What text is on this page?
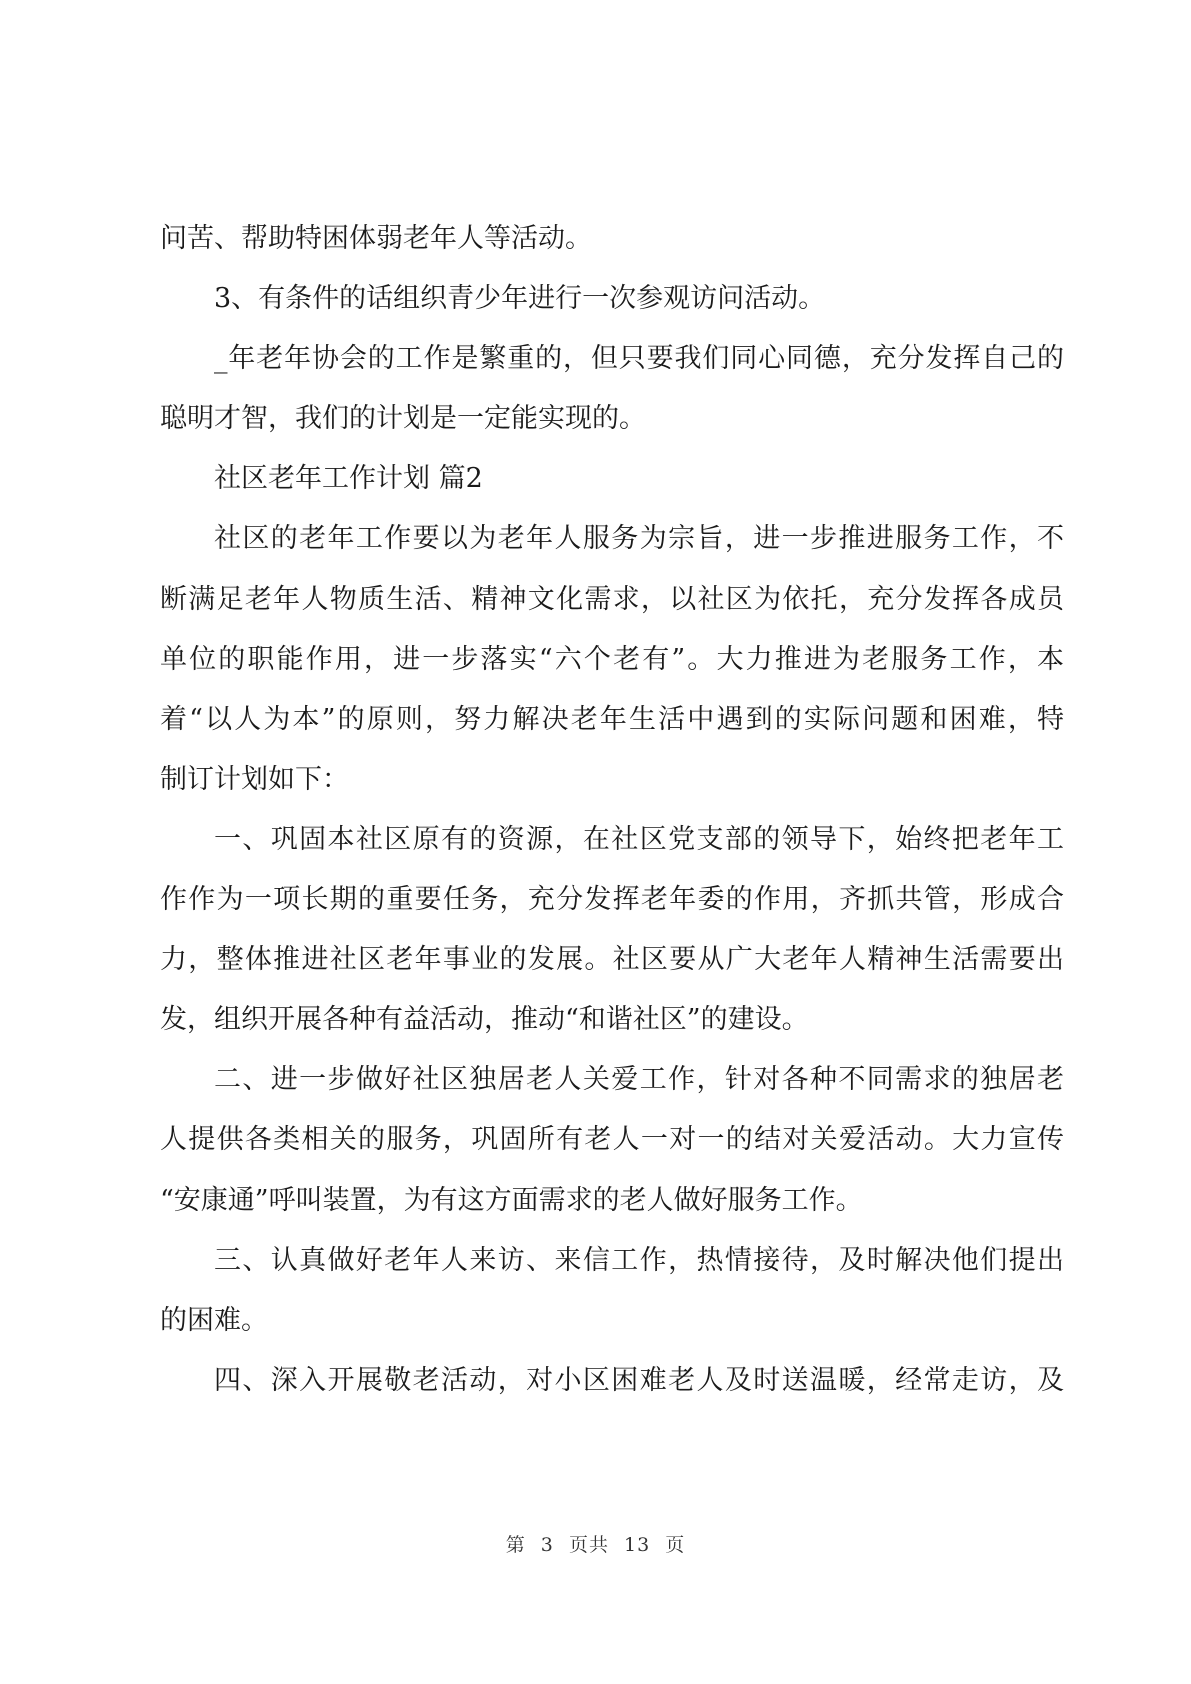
问苦、帮助特困体弱老年人等活动。
3、有条件的话组织青少年进行一次参观访问活动。
_年老年协会的工作是繁重的，但只要我们同心同德，充分发挥自己的
聪明才智，我们的计划是一定能实现的。
社区老年工作计划 篇2
社区的老年工作要以为老年人服务为宗旨，进一步推进服务工作，不
断满足老年人物质生活、精神文化需求，以社区为依托，充分发挥各成员
单位的职能作用，进一步落实“六个老有”。大力推进为老服务工作，本
着“以人为本”的原则，努力解决老年生活中遇到的实际问题和困难，特
制订计划如下：
一、巩固本社区原有的资源，在社区党支部的领导下，始终把老年工
作作为一项长期的重要任务，充分发挥老年委的作用，齐抓共管，形成合
力，整体推进社区老年事业的发展。社区要从广大老年人精神生活需要出
发，组织开展各种有益活动，推动“和谐社区”的建设。
二、进一步做好社区独居老人关爱工作，针对各种不同需求的独居老
人提供各类相关的服务，巩固所有老人一对一的结对关爱活动。大力宣传
“安康通”呼叫装置，为有这方面需求的老人做好服务工作。
三、认真做好老年人来访、来信工作，热情接待，及时解决他们提出
的困难。
四、深入开展敬老活动，对小区困难老人及时送温暖，经常走访，及
第 3 页共 13 页
